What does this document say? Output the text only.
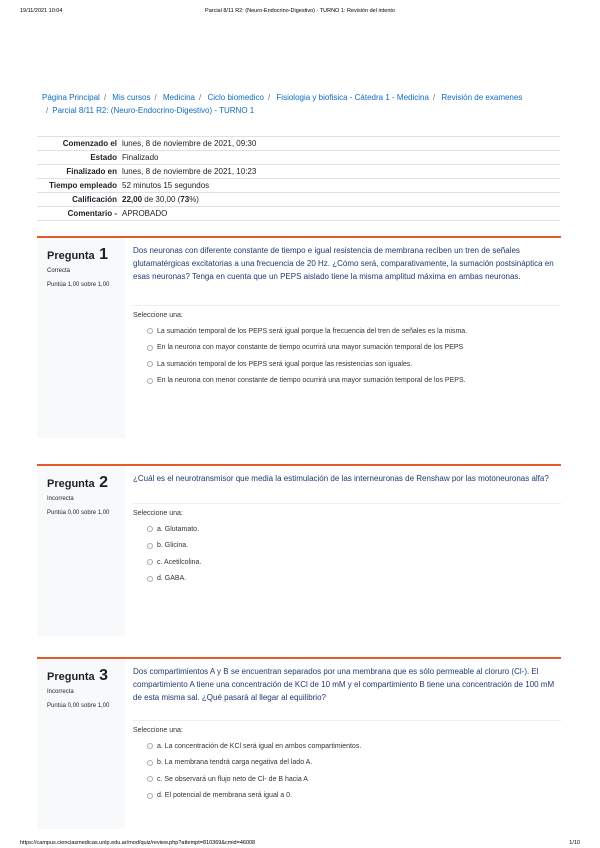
19/11/2021 10:04	Parcial 8/11 R2: (Neuro-Endocrino-Digestivo) - TURNO 1: Revisión del intento
Página Principal / Mis cursos / Medicina / Ciclo biomedico / Fisiologia y biofisica - Cátedra 1 - Medicina / Revisión de examenes
/ Parcial 8/11 R2: (Neuro-Endocrino-Digestivo) - TURNO 1
Comenzado el lunes, 8 de noviembre de 2021, 09:30
Estado Finalizado
Finalizado en lunes, 8 de noviembre de 2021, 10:23
Tiempo empleado 52 minutos 15 segundos
Calificación 22,00 de 30,00 (73%)
Comentario - APROBADO
Pregunta 1
Correcta
Puntúa 1,00 sobre 1,00
Dos neuronas con diferente constante de tiempo e igual resistencia de membrana reciben un tren de señales glutamatérgicas excitatorias a una frecuencia de 20 Hz. ¿Cómo será, comparativamente, la sumación postsináptica en esas neuronas? Tenga en cuenta que un PEPS aislado tiene la misma amplitud máxima en ambas neuronas.
Seleccione una:
La sumación temporal de los PEPS será igual porque la frecuencia del tren de señales es la misma.
En la neurona con mayor constante de tiempo ocurrirá una mayor sumación temporal de los PEPS
La sumación temporal de los PEPS será igual porque las resistencias son iguales.
En la neurona con menor constante de tiempo ocurrirá una mayor sumación temporal de los PEPS.
Pregunta 2
Incorrecta
Puntúa 0,00 sobre 1,00
¿Cuál es el neurotransmisor que media la estimulación de las interneuronas de Renshaw por las motoneuronas alfa?
Seleccione una:
a. Glutamato.
b. Glicina.
c. Acetilcolina.
d. GABA.
Pregunta 3
Incorrecta
Puntúa 0,00 sobre 1,00
Dos compartimientos A y B se encuentran separados por una membrana que es sólo permeable al cloruro (Cl-). El compartimiento A tiene una concentración de KCl de 10 mM y el compartimiento B tiene una concentración de 100 mM de esta misma sal. ¿Qué pasará al llegar al equilibrio?
Seleccione una:
a. La concentración de KCl será igual en ambos compartimientos.
b. La membrana tendrá carga negativa del lado A.
c. Se observará un flujo neto de Cl- de B hacia A
d. El potencial de membrana será igual a 0.
https://campus.cienciasmedicas.unlp.edu.ar/mod/quiz/review.php?attempt=810369&cmid=46008	1/10
